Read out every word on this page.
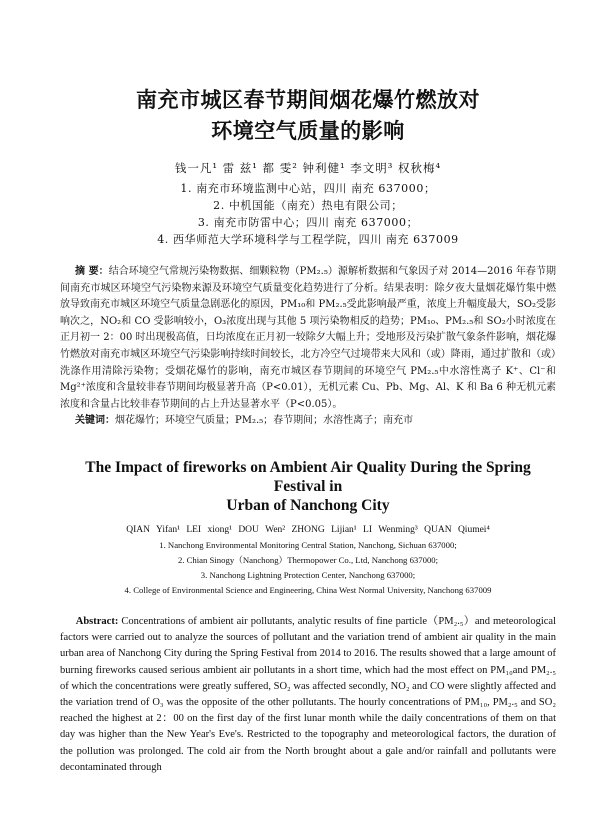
南充市城区春节期间烟花爆竹燃放对
环境空气质量的影响
钱一凡¹ 雷 兹¹ 都 雯² 钟利健¹ 李文明³ 权秋梅⁴
1. 南充市环境监测中心站，四川 南充 637000；
2. 中机国能（南充）热电有限公司；
3. 南充市防雷中心；四川 南充 637000；
4. 西华师范大学环境科学与工程学院，四川 南充 637009
摘 要：结合环境空气常规污染物数据、细颗粒物（PM₂.₅）源解析数据和气象因子对 2014—2016 年春节期间南充市城区环境空气污染物来源及环境空气质量变化趋势进行了分析。结果表明：除夕夜大量烟花爆竹集中燃放导致南充市城区环境空气质量急剧恶化的原因，PM₁₀和 PM₂.₅受此影响最严重，浓度上升幅度最大，SO₂受影响次之，NO₂和 CO 受影响较小，O₃浓度出现与其他 5 项污染物相反的趋势；PM₁₀、PM₂.₅和 SO₂小时浓度在正月初一 2：00 时出现极高值，日均浓度在正月初一较除夕大幅上升；受地形及污染扩散气象条件影响，烟花爆竹燃放对南充市城区环境空气污染影响持续时间较长，北方冷空气过境带来大风和（或）降雨，通过扩散和（或）洗涤作用清除污染物；受烟花爆竹的影响，南充市城区春节期间的环境空气 PM₂.₅中水溶性离子 K⁺、Cl⁻和 Mg²⁺浓度和含量较非春节期间均极显著升高（P<0.01），无机元素 Cu、Pb、Mg、Al、K 和 Ba 6 种无机元素浓度和含量占比较非春节期间的占上升达显著水平（P<0.05）。
关键词：烟花爆竹；环境空气质量；PM₂.₅；春节期间；水溶性离子；南充市
The Impact of fireworks on Ambient Air Quality During the Spring Festival in
Urban of Nanchong City
QIAN Yifan¹ LEI xiong¹ DOU Wen² ZHONG Lijian¹ LI Wenming³ QUAN Qiumei⁴
1. Nanchong Environmental Monitoring Central Station, Nanchong, Sichuan 637000;
2. Chian Sinogy（Nanchong）Thermopower Co., Ltd, Nanchong 637000;
3. Nanchong Lightning Protection Center, Nanchong 637000;
4. College of Environmental Science and Engineering, China West Normal University, Nanchong 637009
Abstract: Concentrations of ambient air pollutants, analytic results of fine particle（PM₂.₅）and meteorological factors were carried out to analyze the sources of pollutant and the variation trend of ambient air quality in the main urban area of Nanchong City during the Spring Festival from 2014 to 2016. The results showed that a large amount of burning fireworks caused serious ambient air pollutants in a short time, which had the most effect on PM₁₀and PM₂.₅ of which the concentrations were greatly suffered, SO₂ was affected secondly, NO₂ and CO were slightly affected and the variation trend of O₃ was the opposite of the other pollutants. The hourly concentrations of PM₁₀, PM₂.₅ and SO₂ reached the highest at 2：00 on the first day of the first lunar month while the daily concentrations of them on that day was higher than the New Year's Eve's. Restricted to the topography and meteorological factors, the duration of the pollution was prolonged. The cold air from the North brought about a gale and/or rainfall and pollutants were decontaminated through
